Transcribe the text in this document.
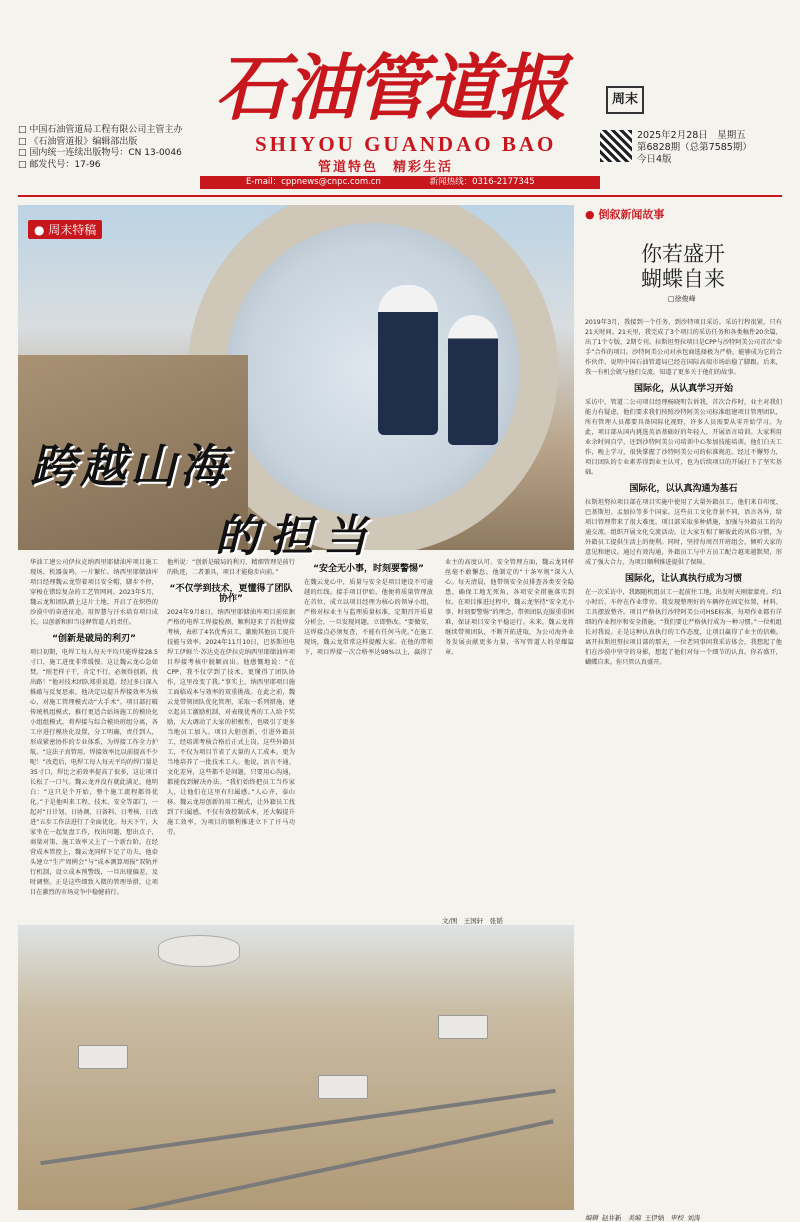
□ 中国石油管道局工程有限公司主管主办
□ 《石油管道报》编辑部出版
□ 国内统一连续出版物号：CN 13-0046
□ 邮发代号：17-96
石油管道报	周末
SHIYOU GUANDAO BAO
管道特色　精彩生活
2025年2月28日　星期五
第6828期（总第7585期）
今日4版
E-mail：cppnews@cnpc.com.cn	新闻热线：0316-2177345
● 周末特稿
跨越山海
的担当
华油工建公司伊拉克纳西里耶储油库项目施工现场，机器轰鸣，一片繁忙。纳西里耶储油库项目经理魏云龙望着项目安全帽，脚步不停，穿梭在错综复杂的工艺管网间。2023年5月，魏云龙和团队踏上这片土地，开启了在炽热的沙漠中的奋进征途。用智慧与汗水培育项目成长，以创新和担当诠释管道人的责任。
“创新是破局的利刃”
项目初期，电焊工每人每天平均只能焊接28.5寸口，施工进度非常缓慢。这让魏云龙心急如焚。“照老样子干，肯定不行，必须得创新，找出路！”他对技术团队郑重说道。经过多日深入推敲与反复思索，他决定以提升焊接效率为核心，对施工管理模式动“大手术”。项目部打破传统机组模式，推行更适合站场施工的模块化小组组模式，将焊接与综合模块班组分离，各工序进行模块化设置，分工明确，责任到人，形成紧密协作的专业体系，为焊接工作全力护航。“这法子真管用，焊接效率比以前提高不少呢！”改造后，电焊工每人每天平均的焊口量是35寸口，焊比之前效率提高了很多，这让项目长松了一口气。魏云龙并没有就此满足，他明白：“这只是个开始，整个施工流程都得优化。”于是他叫来工程、技术、安全等部门，一起对“日计划、日协调、日备料、日考核、日改进”五步工作法进行了全面优化。每天下午，大家坐在一起复盘工作，找出问题，想出点子，商量对策，施工效率又上了一个新台阶。在经营成本管控上，魏云龙同样下足了功夫。他牵头建立“生产周例会”与“成本测算周报”双轨并行机制，设立成本预警线，一旦出现偏差，及时调整。正是这些细致入微的管理举措，让项目在激烈的市场竞争中稳健前行。
他所说：“创新是破局的利刃，精细管理是前行的轨迹，二者兼具，项目才能稳步向前。”
“不仅学到技术，更懂得了团队协作”
2024年9月8日，纳西里耶储油库项目前依据严格的电焊工焊接检测，顺利迎来了首批焊接考核，表彰了4名优秀员工，激励其他员工提升技能与效率。2024年11月10日，巴基斯坦电焊工伊姆兰·苏达克在伊拉克纳西里耶储油库项目焊接考核中脱颖而出。他感慨地说：“在CPP，我不仅学到了技术，更懂得了团队协作，这里改变了我。”事实上，纳西里耶项目施工面临成本与效率的双重挑战。在此之前，魏云龙带领团队优化管理，采取一系列措施，建立起员工激励机制，对表现优秀的工人给予奖励，大大调动了大家的积极性，也吸引了更多当地员工加入。项目大胆创新，引进外籍员工，经培训考核合格后正式上岗。这些外籍员工，不仅为项目节省了大量的人工成本，更为当地培养了一批技术工人。他说，语言不通、文化差异，这些都不是问题，只要用心沟通，都能找到解决办法。“我们始终把员工当作家人，让他们在这里有归属感。”人心齐，泰山移。魏云龙用创新的用工模式，让外籍员工找到了归属感，不仅有效控制成本，还大幅提升施工效率，为项目的顺利推进立下了汗马功劳。
“安全无小事，时刻要警惕”
在魏云龙心中，质量与安全是项目建设不可逾越的红线。接手项目伊始，他便将质量管理放在首位，成立以项目经理为核心的领导小组，严格对标业主与监理质量标准，定期召开质量分析会，一旦发现问题，立即整改。“要做安，这焊接点必须复查，不能有任何马虎。”在施工现场，魏云龙常常这样提醒大家。在他的带领下，项目焊接一次合格率达98%以上，赢得了业主的高度认可。安全管理方面，魏云龙同样丝毫不敢懈怠。他制定的“十条军规”深入人心。每天清晨，他带领安全员排查各类安全隐患，确保工地无死角，各项安全措施落实到位。在项目推进过程中，魏云龙坚持“安全无小事，时刻要警惕”的理念，带领团队克服重重困难，保证项目安全平稳运行。未来，魏云龙将继续带领团队，不断开拓进取，为公司海外业务发展贡献更多力量，书写管道人的荣耀篇章。
文/图　王国轩　张韬
● 倒叙新闻故事
你若盛开
蝴蝶自来
□徐俊峰
2019年3月，我接到一个任务，到沙特项目采访。采访行程很紧，只有21天时间。21天里，我完成了3个项目的采访任务和各类稿件20余篇，出了1个专版、2期专刊。拉斯坦努拉项目是CPP与沙特阿美公司首次“牵手”合作的项目。沙特阿美公司对承包商选择极为严格，能够成为它的合作伙伴，说明中国石油管道局已经在国际高端市场站稳了脚跟。后来，我一有机会就与他们交流，知道了更多关于他们的故事。
国际化，从认真学习开始
采访中，管道二公司项目经理杨晓明告诉我，首次合作时，业主对我们能力有疑虑，他们要求我们按照沙特阿美公司标准组建项目管理团队，所有管理人员都要具备国际化视野，许多人员需要从零开始学习。为此，项目部从国内挑选英语基础好的年轻人，开展语言培训。大家利用业余时间自学，还到沙特阿美公司培训中心参加技能培训。他们白天工作，晚上学习，很快掌握了沙特阿美公司的标准规范。经过不懈努力，项目团队的专业素养得到业主认可，也为后续项目的开展打下了坚实基础。
国际化，以认真沟通为基石
拉斯坦努拉项目部在项目实施中使用了大量外籍员工，他们来自印度、巴基斯坦、孟加拉等多个国家。这些员工文化背景不同，语言各异，给项目管理带来了很大难度。项目部采取多种措施，加强与外籍员工的沟通交流。组织开展文化交流活动，让大家互相了解彼此的风俗习惯，为外籍员工提供生活上的便利。同时，坚持每周召开班组会，倾听大家的意见和建议。通过有效沟通，外籍员工与中方员工配合越来越默契，形成了强大合力，为项目顺利推进提供了保障。
国际化，让认真执行成为习惯
在一次采访中，我跟随机组员工一起前往工地，出发时天刚蒙蒙亮。约1小时后，车停在作业带旁。我发现整理好的车辆停在固定位置，材料、工具摆放整齐。项目严格执行沙特阿美公司HSE标准，每项作业都有详细的作业程序和安全措施。“我们要让严格执行成为一种习惯。”一位机组长对我说。正是这种认真执行的工作态度，让项目赢得了业主的信赖。离开拉斯坦努拉项目部的那天，一位老同事问我采访体会，我想起了他们在沙漠中坚守的身影，想起了他们对每一个细节的认真。你若盛开，蝴蝶自来。你只管认真盛开。
编辑 赵井新 美编 王伊婧 审校 刘涛
